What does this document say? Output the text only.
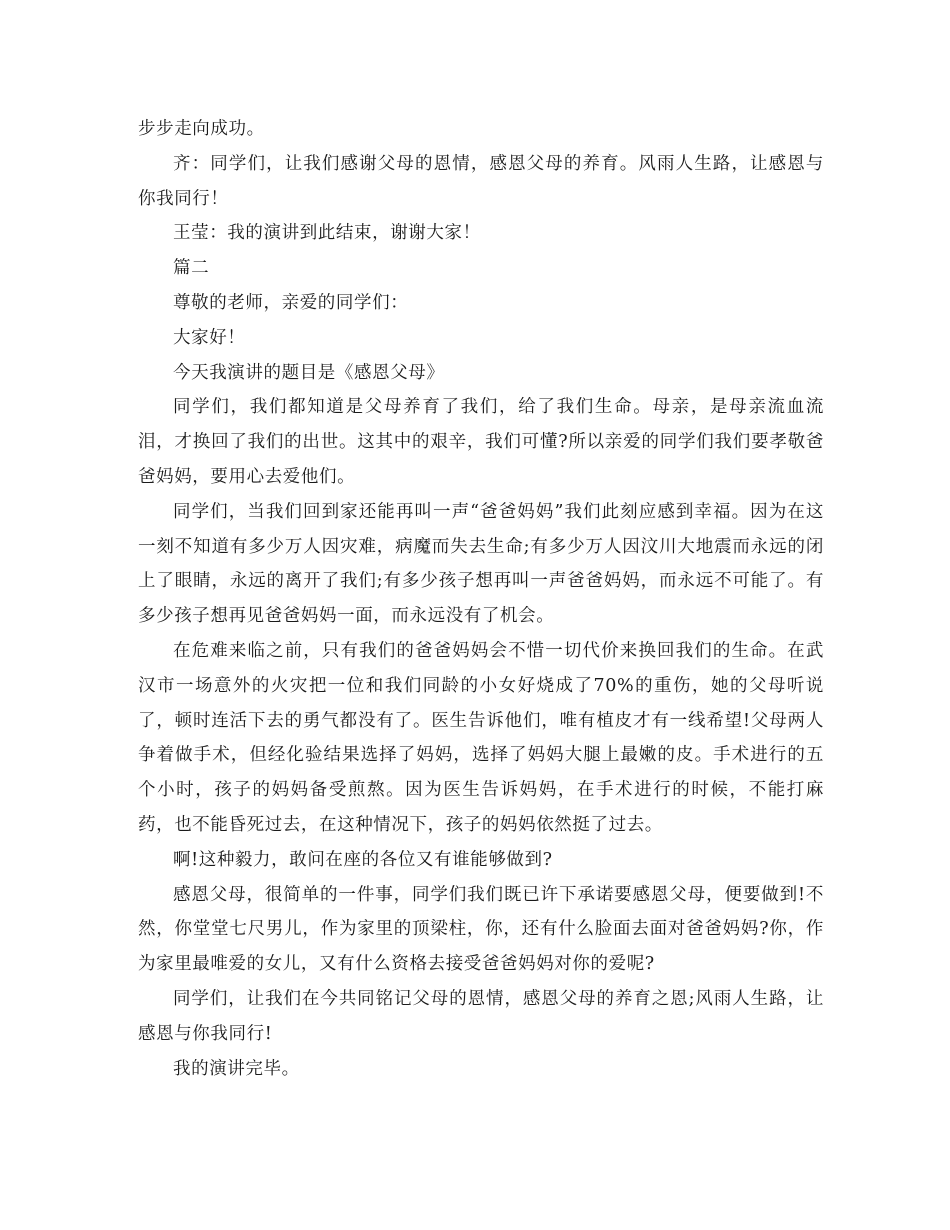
步步走向成功。

齐：同学们，让我们感谢父母的恩情，感恩父母的养育。风雨人生路，让感恩与你我同行！

王莹：我的演讲到此结束，谢谢大家！

篇二

尊敬的老师，亲爱的同学们：

大家好！

今天我演讲的题目是《感恩父母》

同学们，我们都知道是父母养育了我们，给了我们生命。母亲，是母亲流血流泪，才换回了我们的出世。这其中的艰辛，我们可懂?所以亲爱的同学们我们要孝敬爸爸妈妈，要用心去爱他们。

同学们，当我们回到家还能再叫一声“爸爸妈妈”我们此刻应感到幸福。因为在这一刻不知道有多少万人因灾难，病魔而失去生命;有多少万人因汶川大地震而永远的闭上了眼睛，永远的离开了我们;有多少孩子想再叫一声爸爸妈妈，而永远不可能了。有多少孩子想再见爸爸妈妈一面，而永远没有了机会。

在危难来临之前，只有我们的爸爸妈妈会不惜一切代价来换回我们的生命。在武汉市一场意外的火灾把一位和我们同龄的小女好烧成了70%的重伤，她的父母听说了，顿时连活下去的勇气都没有了。医生告诉他们，唯有植皮才有一线希望!父母两人争着做手术，但经化验结果选择了妈妈，选择了妈妈大腿上最嫩的皮。手术进行的五个小时，孩子的妈妈备受煎熬。因为医生告诉妈妈，在手术进行的时候，不能打麻药，也不能昏死过去，在这种情况下，孩子的妈妈依然挺了过去。

啊!这种毅力，敢问在座的各位又有谁能够做到?

感恩父母，很简单的一件事，同学们我们既已许下承诺要感恩父母，便要做到!不然，你堂堂七尺男儿，作为家里的顶梁柱，你，还有什么脸面去面对爸爸妈妈?你，作为家里最唯爱的女儿，又有什么资格去接受爸爸妈妈对你的爱呢?

同学们，让我们在今共同铭记父母的恩情，感恩父母的养育之恩;风雨人生路，让感恩与你我同行!

我的演讲完毕。
